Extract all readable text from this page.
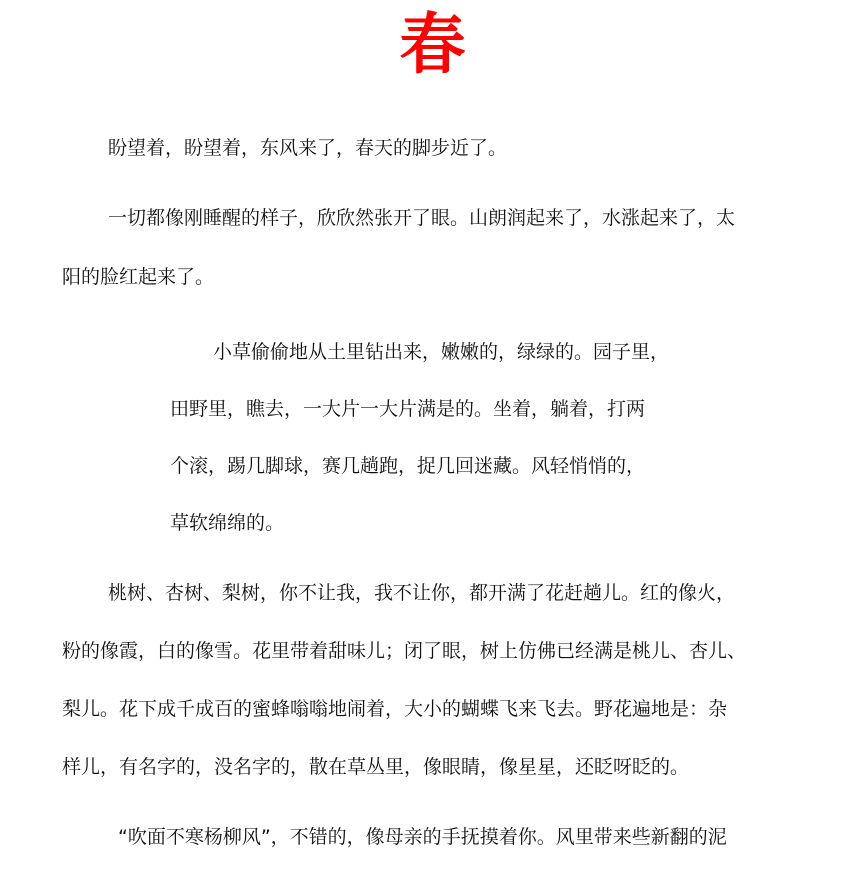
春
盼望着，盼望着，东风来了，春天的脚步近了。
一切都像刚睡醒的样子，欣欣然张开了眼。山朗润起来了，水涨起来了，太
阳的脸红起来了。
小草偷偷地从土里钻出来，嫩嫩的，绿绿的。园子里，
田野里，瞧去，一大片一大片满是的。坐着，躺着，打两
个滚，踢几脚球，赛几趟跑，捉几回迷藏。风轻悄悄的，
草软绵绵的。
桃树、杏树、梨树，你不让我，我不让你，都开满了花赶趟儿。红的像火，
粉的像霞，白的像雪。花里带着甜味儿；闭了眼，树上仿佛已经满是桃儿、杏儿、
梨儿。花下成千成百的蜜蜂嗡嗡地闹着，大小的蝴蝶飞来飞去。野花遍地是：杂
样儿，有名字的，没名字的，散在草丛里，像眼睛，像星星，还眨呀眨的。
“吹面不寒杨柳风”，不错的，像母亲的手抚摸着你。风里带来些新翻的泥
